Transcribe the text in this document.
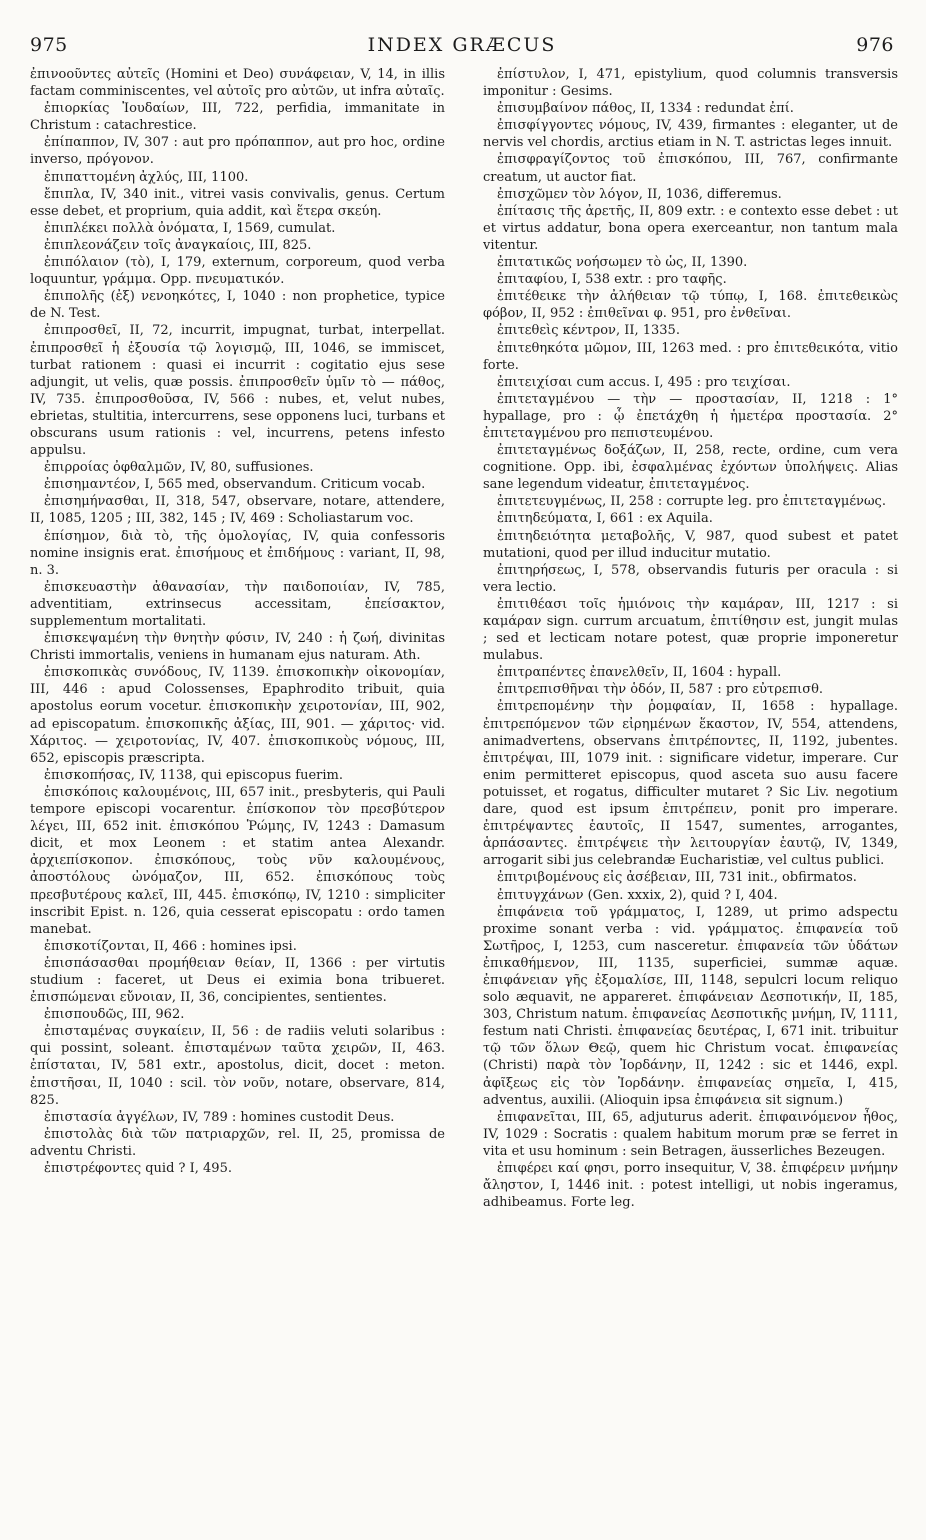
975	INDEX GRÆCUS	976

ἐπινοοῦντες αὐτεῖς (Homini et Deo) συνάφειαν, V, 14, in illis factam comminiscentes, vel αὐτοῖς pro αὐτῶν, ut infra αὐταῖς.

ἐπιορκίας Ἰουδαίων, III, 722, perfidia, immanitate in Christum : catachrestice.

ἐπίπαππον, IV, 307 : aut pro πρόπαππον, aut pro hoc, ordine inverso, πρόγονον.

ἐπιπαττομένη ἀχλύς, III, 1100.

ἔπιπλα, IV, 340 init., vitrei vasis convivalis, genus. Certum esse debet, et proprium, quia addit, καὶ ἕτερα σκεύη.

ἐπιπλέκει πολλὰ ὀνόματα, I, 1569, cumulat.

ἐπιπλεονάζειν τοῖς ἀναγκαίοις, III, 825.

ἐπιπόλαιον (τὸ), I, 179, externum, corporeum, quod verba loquuntur, γράμμα. Opp. πνευματικόν.

ἐπιπολῆς (ἐξ) νενοηκότες, I, 1040 : non prophetice, typice de N. Test.

ἐπιπροσθεῖ, II, 72, incurrit, impugnat, turbat, interpellat. ἐπιπροσθεῖ ἡ ἐξουσία τῷ λογισμῷ, III, 1046, se immiscet, turbat rationem : quasi ei incurrit : cogitatio ejus sese adjungit, ut velis, quæ possis. ἐπιπροσθεῖν ὑμῖν τὸ — πάθος, IV, 735. ἐπιπροσθοῦσα, IV, 566 : nubes, et, velut nubes, ebrietas, stultitia, intercurrens, sese opponens luci, turbans et obscurans usum rationis : vel, incurrens, petens infesto appulsu.

ἐπιρροίας ὀφθαλμῶν, IV, 80, suffusiones.

ἐπισημαντέον, I, 565 med, observandum. Criticum vocab.

ἐπισημήνασθαι, II, 318, 547, observare, notare, attendere, II, 1085, 1205 ; III, 382, 145 ; IV, 469 : Scholiastarum voc.

ἐπίσημον, διὰ τὸ, τῆς ὁμολογίας, IV, quia confessoris nomine insignis erat. ἐπισήμους et ἐπιδήμους : variant, II, 98, n. 3.

ἐπισκευαστὴν ἀθανασίαν, τὴν παιδοποιίαν, IV, 785, adventitiam, extrinsecus accessitam, ἐπείσακτον, supplementum mortalitati.

ἐπισκεψαμένη τὴν θνητὴν φύσιν, IV, 240 : ἡ ζωή, divinitas Christi immortalis, veniens in humanam ejus naturam. Ath.

ἐπισκοπικὰς συνόδους, IV, 1139. ἐπισκοπικὴν οἰκονομίαν, III, 446 : apud Colossenses, Epaphrodito tribuit, quia apostolus eorum vocetur. ἐπισκοπικὴν χειροτονίαν, III, 902, ad episcopatum. ἐπισκοπικῆς ἀξίας, III, 901. — χάριτος· vid. Χάριτος. — χειροτονίας, IV, 407. ἐπισκοπικοὺς νόμους, III, 652, episcopis præscripta.

ἐπισκοπήσας, IV, 1138, qui episcopus fuerim.

ἐπισκόποις καλουμένοις, III, 657 init., presbyteris, qui Pauli tempore episcopi vocarentur. ἐπίσκοπον τὸν πρεσβύτερον λέγει, III, 652 init. ἐπισκόπου Ῥώμης, IV, 1243 : Damasum dicit, et mox Leonem : et statim antea Alexandr. ἀρχιεπίσκοπον. ἐπισκόπους, τοὺς νῦν καλουμένους, ἀποστόλους ὠνόμαζον, III, 652. ἐπισκόπους τοὺς πρεσβυτέρους καλεῖ, III, 445. ἐπισκόπῳ, IV, 1210 : simpliciter inscribit Epist. n. 126, quia cesserat episcopatu : ordo tamen manebat.

ἐπισκοτίζονται, II, 466 : homines ipsi.

ἐπισπάσασθαι προμήθειαν θείαν, II, 1366 : per virtutis studium : faceret, ut Deus ei eximia bona tribueret. ἐπισπώμεναι εὔνοιαν, II, 36, concipientes, sentientes.

ἐπισπουδῶς, III, 962.

ἐπισταμένας συγκαίειν, II, 56 : de radiis veluti solaribus : qui possint, soleant. ἐπισταμένων ταῦτα χειρῶν, II, 463. ἐπίσταται, IV, 581 extr., apostolus, dicit, docet : meton. ἐπιστῆσαι, II, 1040 : scil. τὸν νοῦν, notare, observare, 814, 825.

ἐπιστασία ἀγγέλων, IV, 789 : homines custodit Deus.

ἐπιστολὰς διὰ τῶν πατριαρχῶν, rel. II, 25, promissa de adventu Christi.

ἐπιστρέφοντες quid ? I, 495.

ἐπίστυλον, I, 471, epistylium, quod columnis transversis imponitur : Gesims.

ἐπισυμβαίνον πάθος, II, 1334 : redundat ἐπί.

ἐπισφίγγοντες νόμους, IV, 439, firmantes : eleganter, ut de nervis vel chordis, arctius etiam in N. T. astrictas leges innuit.

ἐπισφραγίζοντος τοῦ ἐπισκόπου, III, 767, confirmante creatum, ut auctor fiat.

ἐπισχῶμεν τὸν λόγον, II, 1036, differemus.

ἐπίτασις τῆς ἀρετῆς, II, 809 extr. : e contexto esse debet : ut et virtus addatur, bona opera exerceantur, non tantum mala vitentur.

ἐπιτατικῶς νοήσωμεν τὸ ὡς, II, 1390.

ἐπιταφίου, I, 538 extr. : pro ταφῆς.

ἐπιτέθεικε τὴν ἀλήθειαν τῷ τύπῳ, I, 168. ἐπιτεθεικὼς φόβον, II, 952 : ἐπιθεῖναι φ. 951, pro ἐνθεῖναι.

ἐπιτεθεὶς κέντρον, II, 1335.

ἐπιτεθηκότα μῶμον, III, 1263 med. : pro ἐπιτεθεικότα, vitio forte.

ἐπιτειχίσαι cum accus. I, 495 : pro τειχίσαι.

ἐπιτεταγμένου — τὴν — προστασίαν, II, 1218 : 1° hypallage, pro : ᾧ ἐπετάχθη ἡ ἡμετέρα προστασία. 2° ἐπιτεταγμένου pro πεπιστευμένου.

ἐπιτεταγμένως δοξάζων, II, 258, recte, ordine, cum vera cognitione. Opp. ibi, ἐσφαλμένας ἐχόντων ὑπολήψεις. Alias sane legendum videatur, ἐπιτεταγμένος.

ἐπιτετευγμένως, II, 258 : corrupte leg. pro ἐπιτεταγμένως.

ἐπιτηδεύματα, I, 661 : ex Aquila.

ἐπιτηδειότητα μεταβολῆς, V, 987, quod subest et patet mutationi, quod per illud inducitur mutatio.

ἐπιτηρήσεως, I, 578, observandis futuris per oracula : si vera lectio.

ἐπιτιθέασι τοῖς ἡμιόνοις τὴν καμάραν, III, 1217 : si καμάραν sign. currum arcuatum, ἐπιτίθησιν est, jungit mulas ; sed et lecticam notare potest, quæ proprie imponeretur mulabus.

ἐπιτραπέντες ἐπανελθεῖν, II, 1604 : hypall.

ἐπιτρεπισθῆναι τὴν ὁδόν, II, 587 : pro εὐτρεπισθ.

ἐπιτρεπομένην τὴν ῥομφαίαν, II, 1658 : hypallage. ἐπιτρεπόμενον τῶν εἰρημένων ἕκαστον, IV, 554, attendens, animadvertens, observans ἐπιτρέποντες, II, 1192, jubentes. ἐπιτρέψαι, III, 1079 init. : significare videtur, imperare. Cur enim permitteret episcopus, quod asceta suo ausu facere potuisset, et rogatus, difficulter mutaret ? Sic Liv. negotium dare, quod est ipsum ἐπιτρέπειν, ponit pro imperare. ἐπιτρέψαντες ἑαυτοῖς, II 1547, sumentes, arrogantes, ἁρπάσαντες. ἐπιτρέψειε τὴν λειτουργίαν ἑαυτῷ, IV, 1349, arrogarit sibi jus celebrandæ Eucharistiæ, vel cultus publici.

ἐπιτριβομένους εἰς ἀσέβειαν, III, 731 init., obfirmatos.

ἐπιτυγχάνων (Gen. xxxix, 2), quid ? I, 404.

ἐπιφάνεια τοῦ γράμματος, I, 1289, ut primo adspectu proxime sonant verba : vid. γράμματος. ἐπιφανεία τοῦ Σωτῆρος, I, 1253, cum nasceretur. ἐπιφανεία τῶν ὑδάτων ἐπικαθήμενον, III, 1135, superficiei, summæ aquæ. ἐπιφάνειαν γῆς ἐξομαλίσε, III, 1148, sepulcri locum reliquo solo æquavit, ne appareret. ἐπιφάνειαν Δεσποτικήν, II, 185, 303, Christum natum. ἐπιφανείας Δεσποτικῆς μνήμη, IV, 1111, festum nati Christi. ἐπιφανείας δευτέρας, I, 671 init. tribuitur τῷ τῶν ὅλων Θεῷ, quem hic Christum vocat. ἐπιφανείας (Christi) παρὰ τὸν Ἰορδάνην, II, 1242 : sic et 1446, expl. ἀφῖξεως εἰς τὸν Ἰορδάνην. ἐπιφανείας σημεῖα, I, 415, adventus, auxilii. (Alioquin ipsa ἐπιφάνεια sit signum.)

ἐπιφανεῖται, III, 65, adjuturus aderit. ἐπιφαινόμενον ἦθος, IV, 1029 : Socratis : qualem habitum morum præ se ferret in vita et usu hominum : sein Betragen, äusserliches Bezeugen.

ἐπιφέρει καί φησι, porro insequitur, V, 38. ἐπιφέρειν μνήμην ἄληστον, I, 1446 init. : potest intelligi, ut nobis ingeramus, adhibeamus. Forte leg.
